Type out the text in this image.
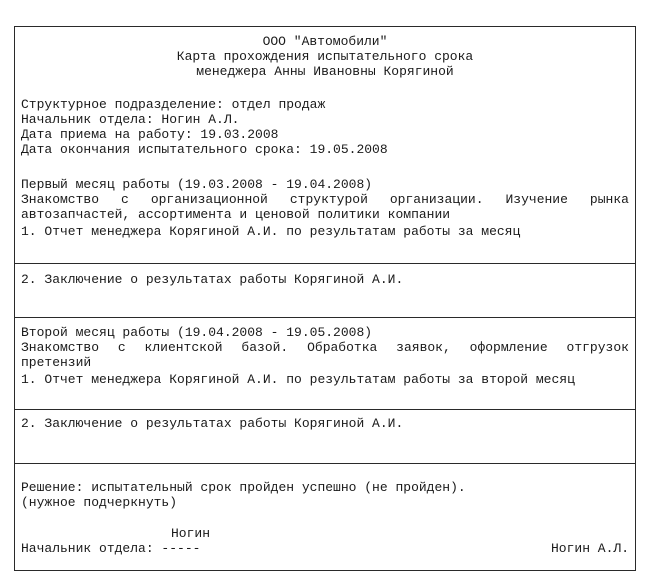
ООО "Автомобили"
Карта прохождения испытательного срока
менеджера Анны Ивановны Корягиной
Структурное подразделение: отдел продаж
Начальник отдела: Ногин А.Л.
Дата приема на работу: 19.03.2008
Дата окончания испытательного срока: 19.05.2008
Первый месяц работы (19.03.2008 - 19.04.2008)
Знакомство с организационной структурой организации. Изучение рынка
автозапчастей, ассортимента и ценовой политики компании
1. Отчет менеджера Корягиной А.И. по результатам работы за месяц
2. Заключение о результатах работы Корягиной А.И.
Второй месяц работы (19.04.2008 - 19.05.2008)
Знакомство с клиентской базой. Обработка заявок, оформление отгрузок
претензий
1. Отчет менеджера Корягиной А.И. по результатам работы за второй месяц
2. Заключение о результатах работы Корягиной А.И.
Решение: испытательный срок пройден успешно (не пройден).
(нужное подчеркнуть)
Ногин
Начальник отдела: -----	Ногин А.Л.
